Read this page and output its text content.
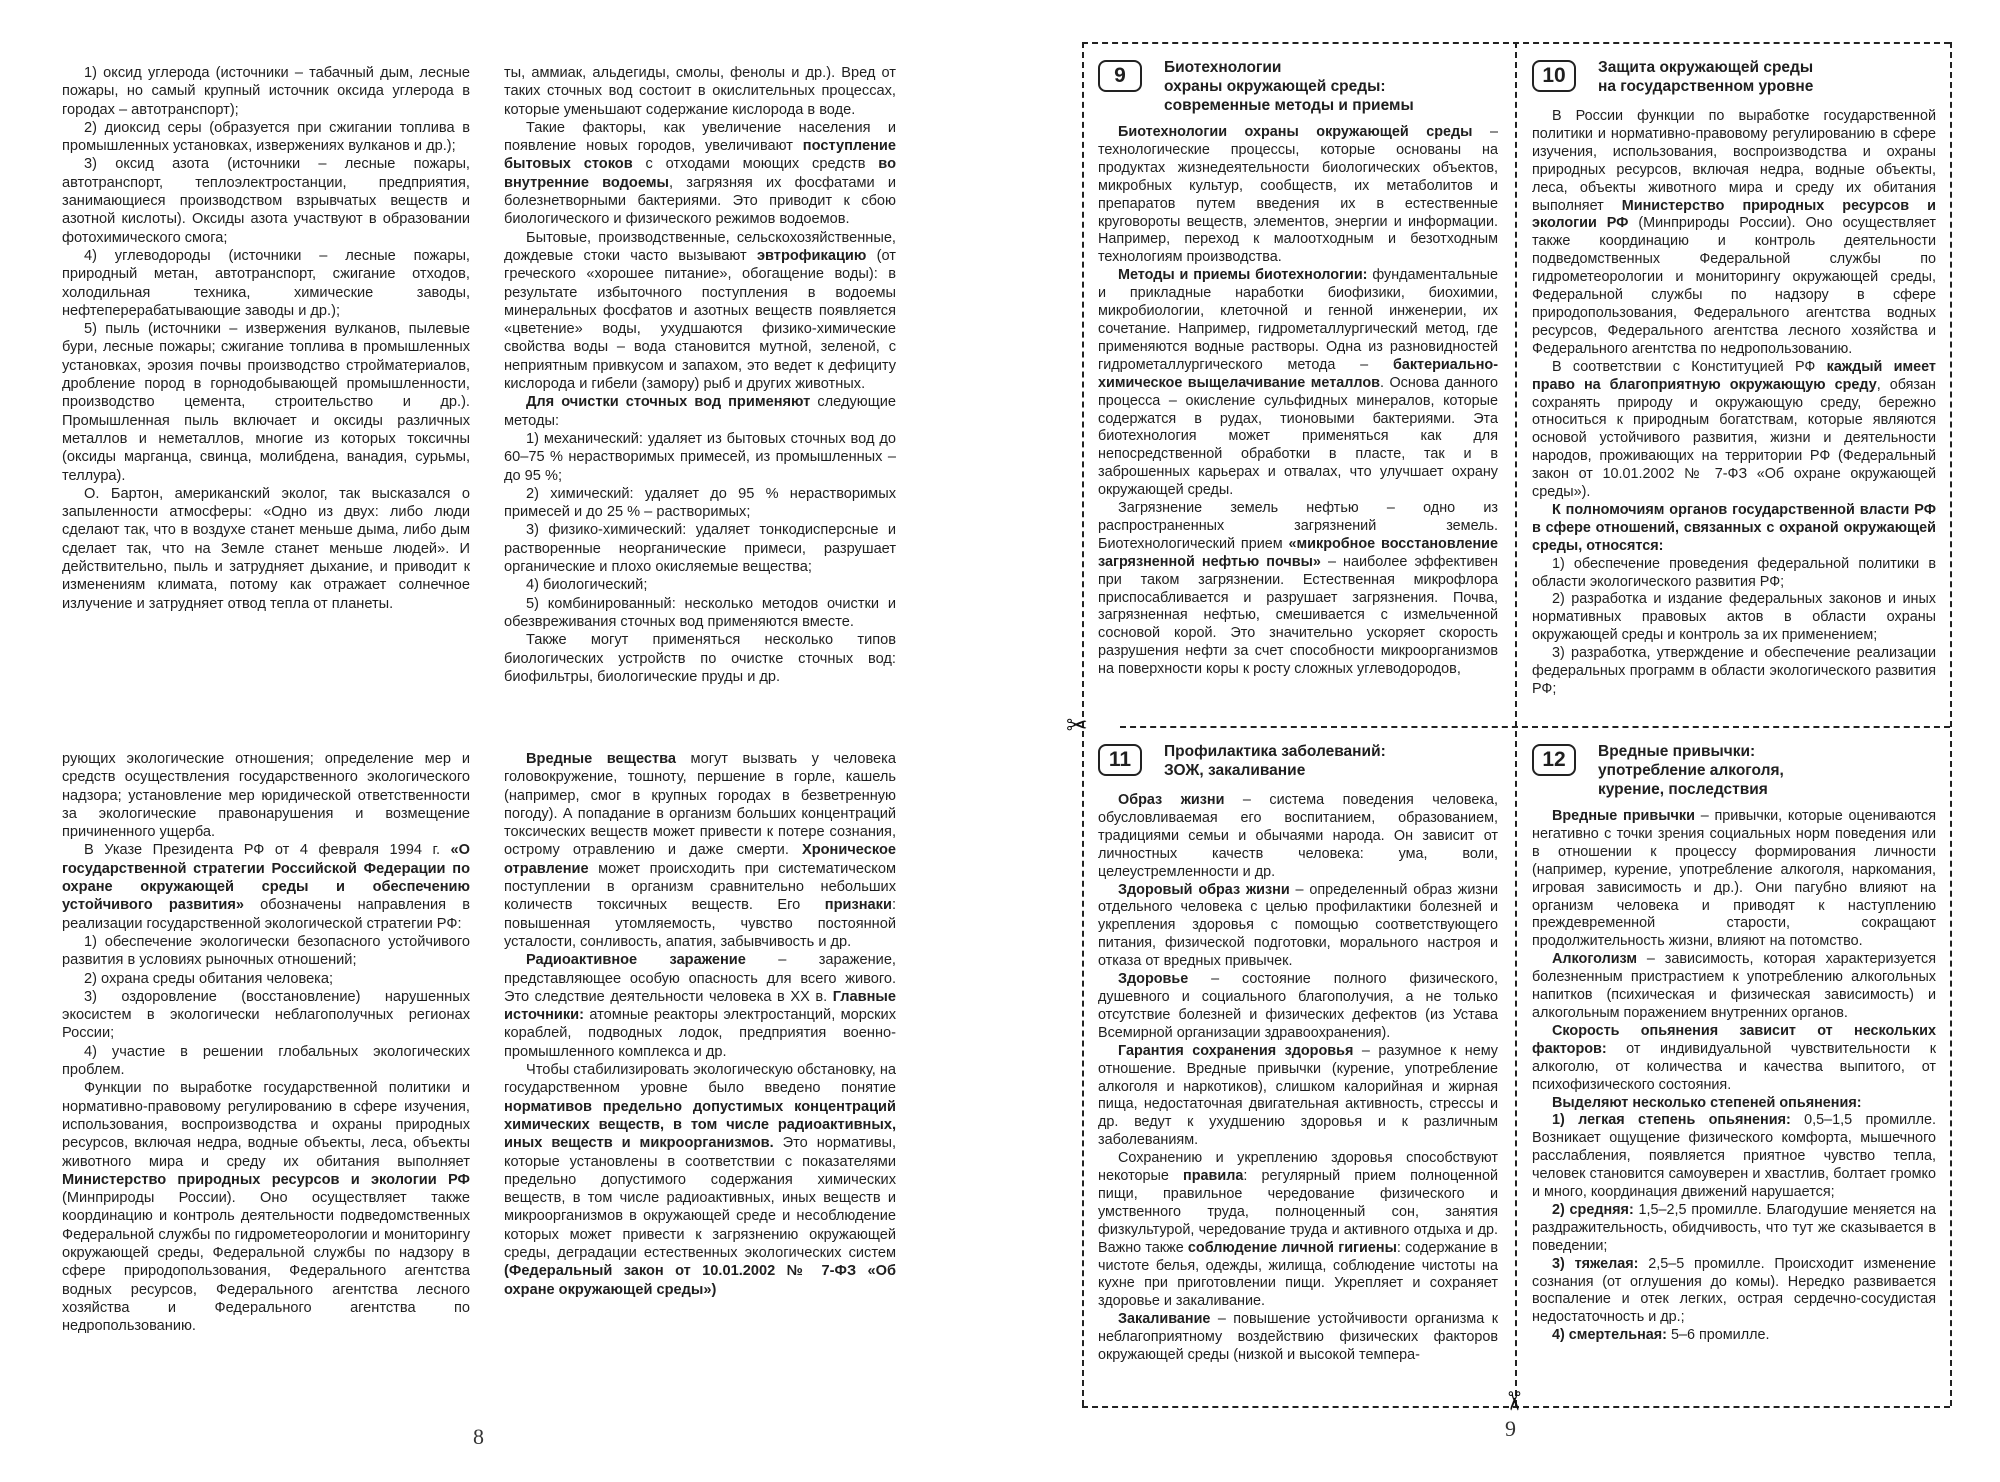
1) оксид углерода (источники – табачный дым, лесные пожары, но самый крупный источник оксида углерода в городах – автотранспорт);

2) диоксид серы (образуется при сжигании топлива в промышленных установках, извержениях вулканов и др.);

3) оксид азота (источники – лесные пожары, автотранспорт, теплоэлектростанции, предприятия, занимающиеся производством взрывчатых веществ и азотной кислоты). Оксиды азота участвуют в образовании фотохимического смога;

4) углеводороды (источники – лесные пожары, природный метан, автотранспорт, сжигание отходов, холодильная техника, химические заводы, нефтеперерабатывающие заводы и др.);

5) пыль (источники – извержения вулканов, пылевые бури, лесные пожары; сжигание топлива в промышленных установках, эрозия почвы производство стройматериалов, дробление пород в горнодобывающей промышленности, производство цемента, строительство и др.). Промышленная пыль включает и оксиды различных металлов и неметаллов, многие из которых токсичны (оксиды марганца, свинца, молибдена, ванадия, сурьмы, теллура).

О. Бартон, американский эколог, так высказался о запыленности атмосферы: «Одно из двух: либо люди сделают так, что в воздухе станет меньше дыма, либо дым сделает так, что на Земле станет меньше людей». И действительно, пыль и затрудняет дыхание, и приводит к изменениям климата, потому как отражает солнечное излучение и затрудняет отвод тепла от планеты.

ты, аммиак, альдегиды, смолы, фенолы и др.). Вред от таких сточных вод состоит в окислительных процессах, которые уменьшают содержание кислорода в воде.

Такие факторы, как увеличение населения и появление новых городов, увеличивают поступление бытовых стоков с отходами моющих средств во внутренние водоемы, загрязняя их фосфатами и болезнетворными бактериями. Это приводит к сбою биологического и физического режимов водоемов.

Бытовые, производственные, сельскохозяйственные, дождевые стоки часто вызывают эвтрофикацию (от греческого «хорошее питание», обогащение воды): в результате избыточного поступления в водоемы минеральных фосфатов и азотных веществ появляется «цветение» воды, ухудшаются физико-химические свойства воды – вода становится мутной, зеленой, с неприятным привкусом и запахом, это ведет к дефициту кислорода и гибели (замору) рыб и других животных.

Для очистки сточных вод применяют следующие методы:

1) механический: удаляет из бытовых сточных вод до 60–75 % нерастворимых примесей, из промышленных – до 95 %;

2) химический: удаляет до 95 % нерастворимых примесей и до 25 % – растворимых;

3) физико-химический: удаляет тонкодисперсные и растворенные неорганические примеси, разрушает органические и плохо окисляемые вещества;

4) биологический;

5) комбинированный: несколько методов очистки и обезвреживания сточных вод применяются вместе.

Также могут применяться несколько типов биологических устройств по очистке сточных вод: биофильтры, биологические пруды и др.

рующих экологические отношения; определение мер и средств осуществления государственного экологического надзора; установление мер юридической ответственности за экологические правонарушения и возмещение причиненного ущерба.

В Указе Президента РФ от 4 февраля 1994 г. «О государственной стратегии Российской Федерации по охране окружающей среды и обеспечению устойчивого развития» обозначены направления в реализации государственной экологической стратегии РФ:

1) обеспечение экологически безопасного устойчивого развития в условиях рыночных отношений;

2) охрана среды обитания человека;

3) оздоровление (восстановление) нарушенных экосистем в экологически неблагополучных регионах России;

4) участие в решении глобальных экологических проблем.

Функции по выработке государственной политики и нормативно-правовому регулированию в сфере изучения, использования, воспроизводства и охраны природных ресурсов, включая недра, водные объекты, леса, объекты животного мира и среду их обитания выполняет Министерство природных ресурсов и экологии РФ (Минприроды России). Оно осуществляет также координацию и контроль деятельности подведомственных Федеральной службы по гидрометеорологии и мониторингу окружающей среды, Федеральной службы по надзору в сфере природопользования, Федерального агентства водных ресурсов, Федерального агентства лесного хозяйства и Федерального агентства по недропользованию.

Вредные вещества могут вызвать у человека головокружение, тошноту, першение в горле, кашель (например, смог в крупных городах в безветренную погоду). А попадание в организм больших концентраций токсических веществ может привести к потере сознания, острому отравлению и даже смерти. Хроническое отравление может происходить при систематическом поступлении в организм сравнительно небольших количеств токсичных веществ. Его признаки: повышенная утомляемость, чувство постоянной усталости, сонливость, апатия, забывчивость и др.

Радиоактивное заражение – заражение, представляющее особую опасность для всего живого. Это следствие деятельности человека в XX в. Главные источники: атомные реакторы электростанций, морских кораблей, подводных лодок, предприятия военно-промышленного комплекса и др.

Чтобы стабилизировать экологическую обстановку, на государственном уровне было введено понятие нормативов предельно допустимых концентраций химических веществ, в том числе радиоактивных, иных веществ и микроорганизмов. Это нормативы, которые установлены в соответствии с показателями предельно допустимого содержания химических веществ, в том числе радиоактивных, иных веществ и микроорганизмов в окружающей среде и несоблюдение которых может привести к загрязнению окружающей среды, деградации естественных экологических систем (Федеральный закон от 10.01.2002 № 7-ФЗ «Об охране окружающей среды»)

8
✂
✂
9	Биотехнологии
охраны окружающей среды:
современные методы и приемы

Биотехнологии охраны окружающей среды – технологические процессы, которые основаны на продуктах жизнедеятельности биологических объектов, микробных культур, сообществ, их метаболитов и препаратов путем введения их в естественные круговороты веществ, элементов, энергии и информации. Например, переход к малоотходным и безотходным технологиям производства.

Методы и приемы биотехнологии: фундаментальные и прикладные наработки биофизики, биохимии, микробиологии, клеточной и генной инженерии, их сочетание. Например, гидрометаллургический метод, где применяются водные растворы. Одна из разновидностей гидрометаллургического метода – бактериально-химическое выщелачивание металлов. Основа данного процесса – окисление сульфидных минералов, которые содержатся в рудах, тионовыми бактериями. Эта биотехнология может применяться как для непосредственной обработки в пласте, так и в заброшенных карьерах и отвалах, что улучшает охрану окружающей среды.

Загрязнение земель нефтью – одно из распространенных загрязнений земель. Биотехнологический прием «микробное восстановление загрязненной нефтью почвы» – наиболее эффективен при таком загрязнении. Естественная микрофлора приспосабливается и разрушает загрязнения. Почва, загрязненная нефтью, смешивается с измельченной сосновой корой. Это значительно ускоряет скорость разрушения нефти за счет способности микроорганизмов на поверхности коры к росту сложных углеводородов,

10	Защита окружающей среды
на государственном уровне

В России функции по выработке государственной политики и нормативно-правовому регулированию в сфере изучения, использования, воспроизводства и охраны природных ресурсов, включая недра, водные объекты, леса, объекты животного мира и среду их обитания выполняет Министерство природных ресурсов и экологии РФ (Минприроды России). Оно осуществляет также координацию и контроль деятельности подведомственных Федеральной службы по гидрометеорологии и мониторингу окружающей среды, Федеральной службы по надзору в сфере природопользования, Федерального агентства водных ресурсов, Федерального агентства лесного хозяйства и Федерального агентства по недропользованию.

В соответствии с Конституцией РФ каждый имеет право на благоприятную окружающую среду, обязан сохранять природу и окружающую среду, бережно относиться к природным богатствам, которые являются основой устойчивого развития, жизни и деятельности народов, проживающих на территории РФ (Федеральный закон от 10.01.2002 № 7-ФЗ «Об охране окружающей среды»).

К полномочиям органов государственной власти РФ в сфере отношений, связанных с охраной окружающей среды, относятся:

1) обеспечение проведения федеральной политики в области экологического развития РФ;

2) разработка и издание федеральных законов и иных нормативных правовых актов в области охраны окружающей среды и контроль за их применением;

3) разработка, утверждение и обеспечение реализации федеральных программ в области экологического развития РФ;

11	Профилактика заболеваний:
ЗОЖ, закаливание

Образ жизни – система поведения человека, обусловливаемая его воспитанием, образованием, традициями семьи и обычаями народа. Он зависит от личностных качеств человека: ума, воли, целеустремленности и др.

Здоровый образ жизни – определенный образ жизни отдельного человека с целью профилактики болезней и укрепления здоровья с помощью соответствующего питания, физической подготовки, морального настроя и отказа от вредных привычек.

Здоровье – состояние полного физического, душевного и социального благополучия, а не только отсутствие болезней и физических дефектов (из Устава Всемирной организации здравоохранения).

Гарантия сохранения здоровья – разумное к нему отношение. Вредные привычки (курение, употребление алкоголя и наркотиков), слишком калорийная и жирная пища, недостаточная двигательная активность, стрессы и др. ведут к ухудшению здоровья и к различным заболеваниям.

Сохранению и укреплению здоровья способствуют некоторые правила: регулярный прием полноценной пищи, правильное чередование физического и умственного труда, полноценный сон, занятия физкультурой, чередование труда и активного отдыха и др. Важно также соблюдение личной гигиены: содержание в чистоте белья, одежды, жилища, соблюдение чистоты на кухне при приготовлении пищи. Укрепляет и сохраняет здоровье и закаливание.

Закаливание – повышение устойчивости организма к неблагоприятному воздействию физических факторов окружающей среды (низкой и высокой темпера-

12	Вредные привычки:
употребление алкоголя,
курение, последствия

Вредные привычки – привычки, которые оцениваются негативно с точки зрения социальных норм поведения или в отношении к процессу формирования личности (например, курение, употребление алкоголя, наркомания, игровая зависимость и др.). Они пагубно влияют на организм человека и приводят к наступлению преждевременной старости, сокращают продолжительность жизни, влияют на потомство.

Алкоголизм – зависимость, которая характеризуется болезненным пристрастием к употреблению алкогольных напитков (психическая и физическая зависимость) и алкогольным поражением внутренних органов.

Скорость опьянения зависит от нескольких факторов: от индивидуальной чувствительности к алкоголю, от количества и качества выпитого, от психофизического состояния.

Выделяют несколько степеней опьянения:

1) легкая степень опьянения: 0,5–1,5 промилле. Возникает ощущение физического комфорта, мышечного расслабления, появляется приятное чувство тепла, человек становится самоуверен и хвастлив, болтает громко и много, координация движений нарушается;

2) средняя: 1,5–2,5 промилле. Благодушие меняется на раздражительность, обидчивость, что тут же сказывается в поведении;

3) тяжелая: 2,5–5 промилле. Происходит изменение сознания (от оглушения до комы). Нередко развивается воспаление и отек легких, острая сердечно-сосудистая недостаточность и др.;

4) смертельная: 5–6 промилле.

9
